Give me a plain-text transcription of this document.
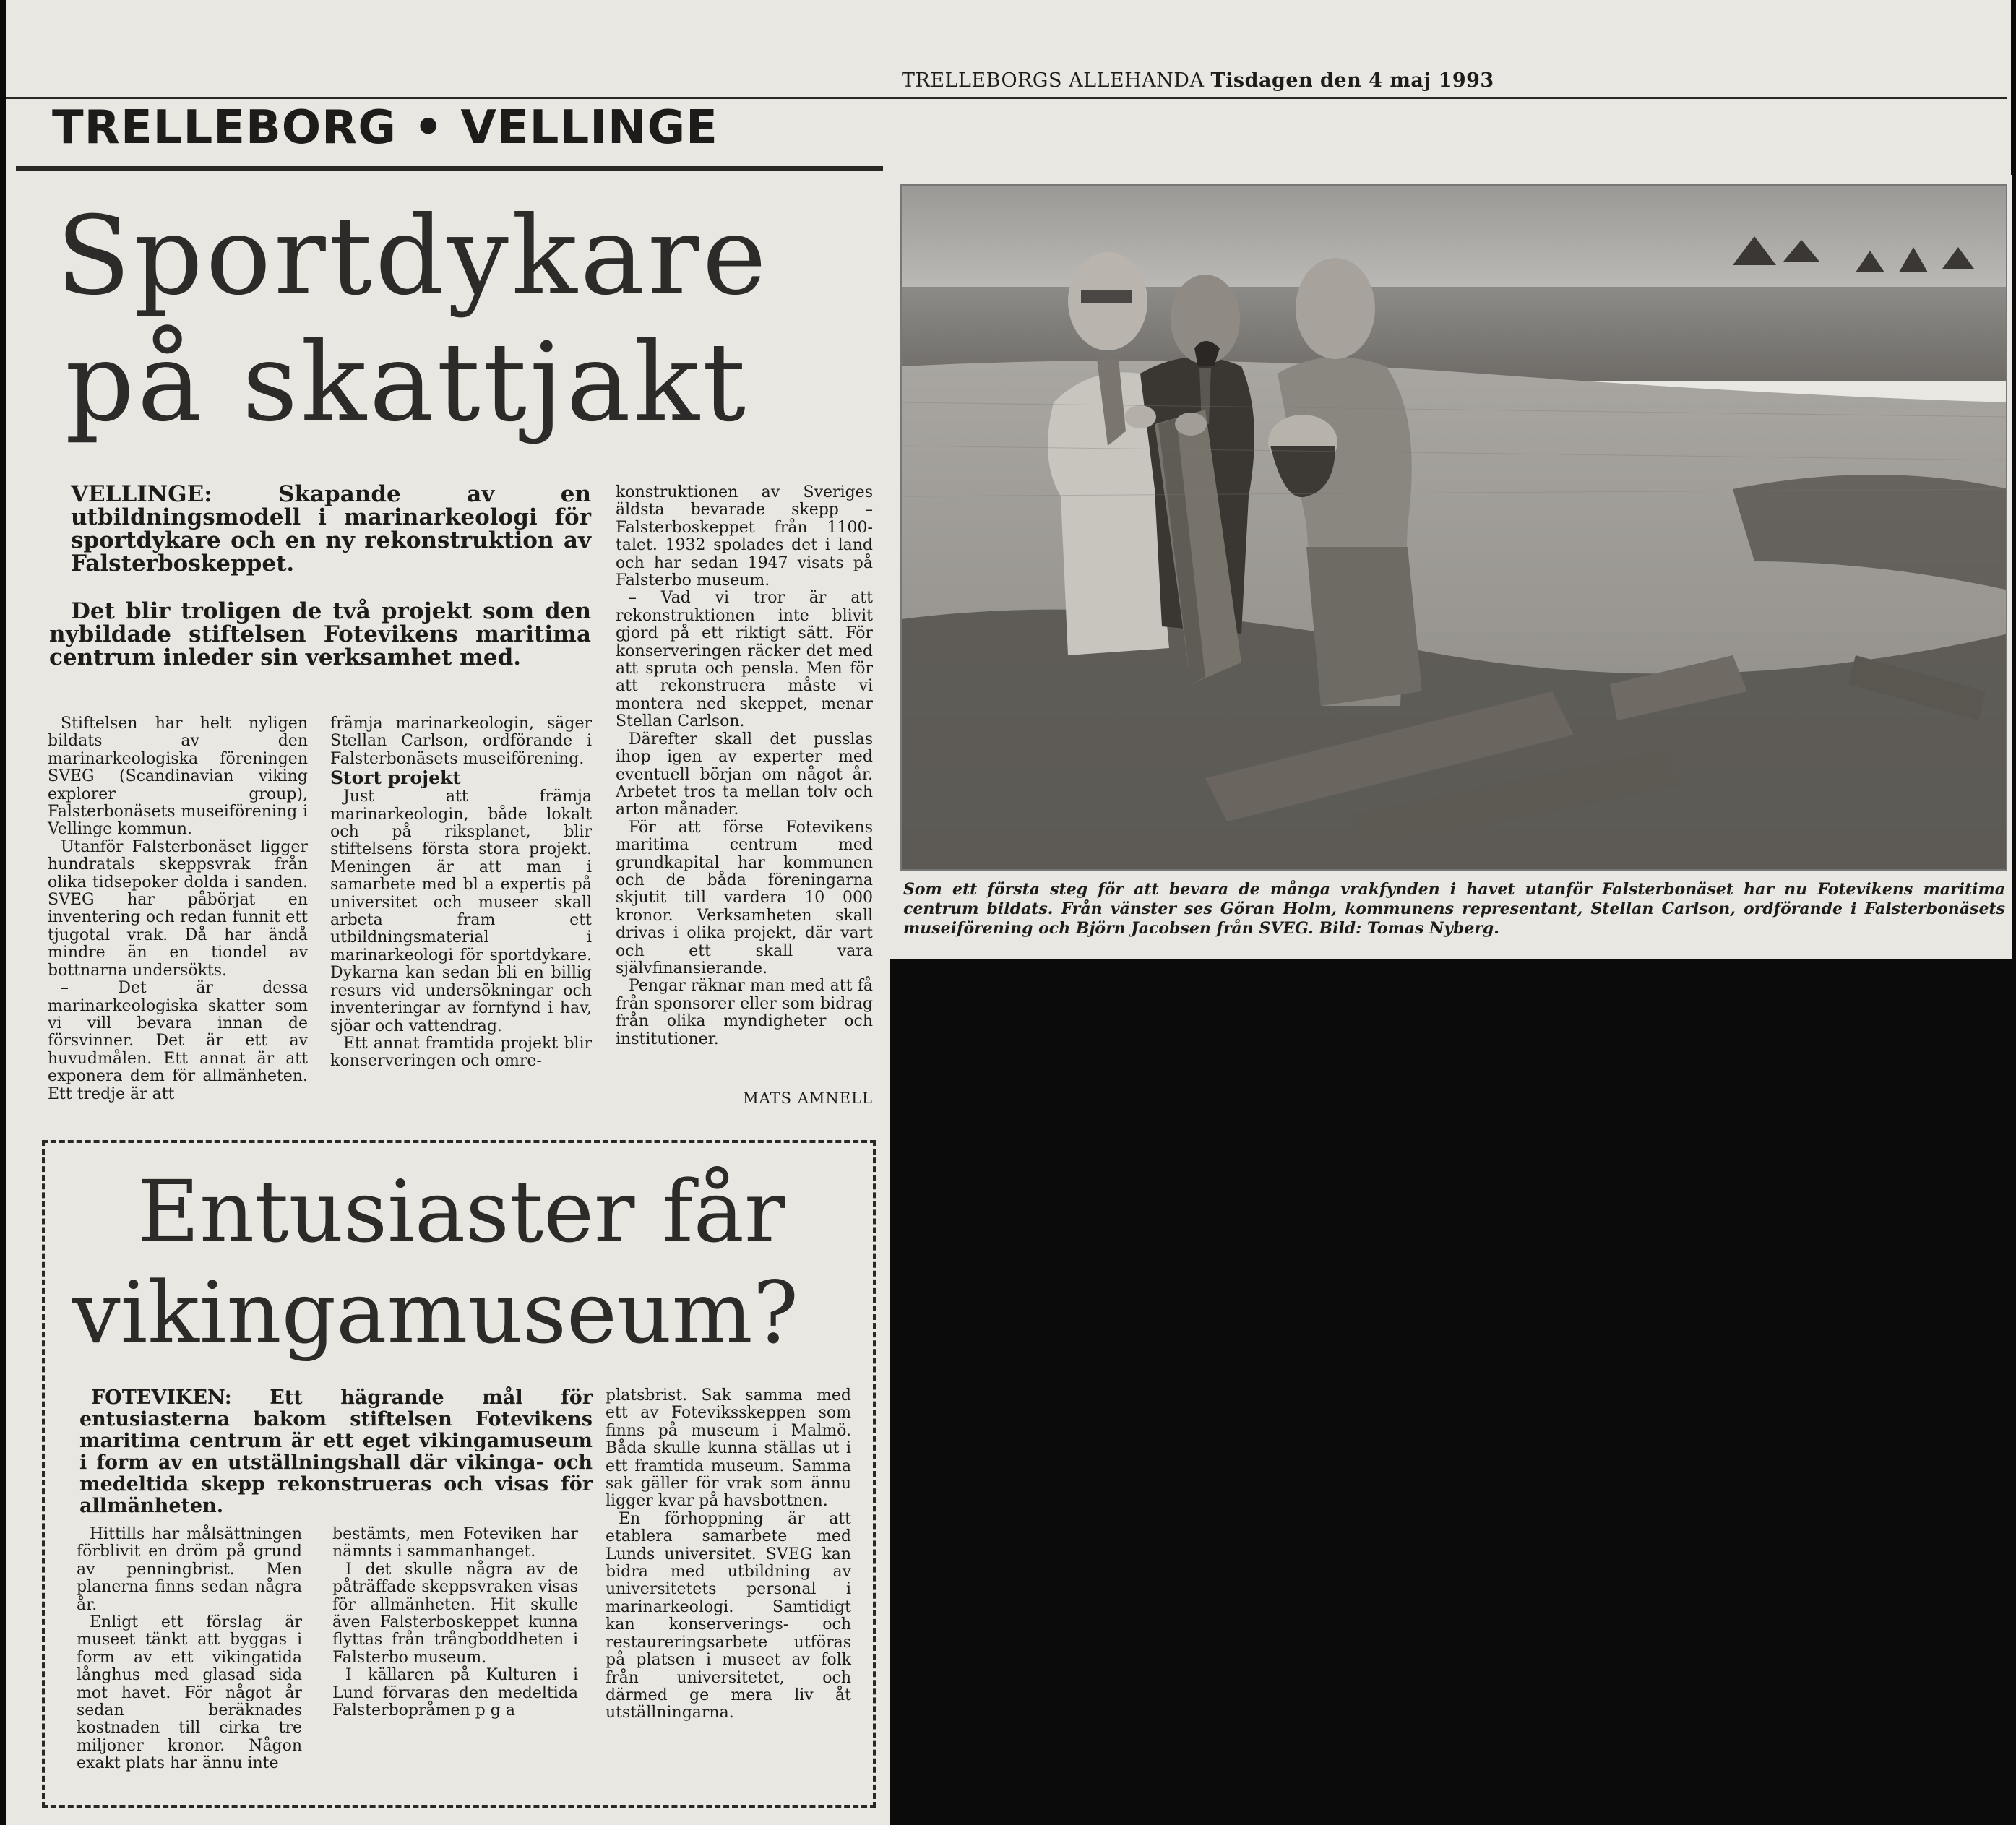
TRELLEBORGS ALLEHANDA Tisdagen den 4 maj 1993
TRELLEBORG • VELLINGE
Sportdykare
på skattjakt
VELLINGE: Skapande av en utbildningsmodell i marinarkeologi för sportdykare och en ny rekonstruktion av Falsterboskeppet.
Det blir troligen de två projekt som den nybildade stiftelsen Fotevikens maritima centrum inleder sin verksamhet med.

Stiftelsen har helt nyligen bildats av den marinarkeologiska föreningen SVEG (Scandinavian viking explorer group), Falsterbonäsets museiförening i Vellinge kommun.

Utanför Falsterbonäset ligger hundratals skeppsvrak från olika tidsepoker dolda i sanden. SVEG har påbörjat en inventering och redan funnit ett tjugotal vrak. Då har ändå mindre än en tiondel av bottnarna undersökts.

– Det är dessa marinarkeologiska skatter som vi vill bevara innan de försvinner. Det är ett av huvudmålen. Ett annat är att exponera dem för allmänheten. Ett tredje är att

främja marinarkeologin, säger Stellan Carlson, ordförande i Falsterbonäsets museiförening.

Stort projekt

Just att främja marinarkeologin, både lokalt och på riksplanet, blir stiftelsens första stora projekt. Meningen är att man i samarbete med bl a expertis på universitet och museer skall arbeta fram ett utbildningsmaterial i marinarkeologi för sportdykare. Dykarna kan sedan bli en billig resurs vid undersökningar och inventeringar av fornfynd i hav, sjöar och vattendrag.

Ett annat framtida projekt blir konserveringen och omre-

konstruktionen av Sveriges äldsta bevarade skepp – Falsterboskeppet från 1100-talet. 1932 spolades det i land och har sedan 1947 visats på Falsterbo museum.

– Vad vi tror är att rekonstruktionen inte blivit gjord på ett riktigt sätt. För konserveringen räcker det med att spruta och pensla. Men för att rekonstruera måste vi montera ned skeppet, menar Stellan Carlson.

Därefter skall det pusslas ihop igen av experter med eventuell början om något år. Arbetet tros ta mellan tolv och arton månader.

För att förse Fotevikens maritima centrum med grundkapital har kommunen och de båda föreningarna skjutit till vardera 10 000 kronor. Verksamheten skall drivas i olika projekt, där vart och ett skall vara självfinansierande.

Pengar räknar man med att få från sponsorer eller som bidrag från olika myndigheter och institutioner.

MATS AMNELL
Som ett första steg för att bevara de många vrakfynden i havet utanför Falsterbonäset har nu Fotevikens maritima centrum bildats. Från vänster ses Göran Holm, kommunens representant, Stellan Carlson, ordförande i Falsterbonäsets museiförening och Björn Jacobsen från SVEG. Bild: Tomas Nyberg.
Entusiaster får
vikingamuseum?
FOTEVIKEN: Ett hägrande mål för entusiasterna bakom stiftelsen Fotevikens maritima centrum är ett eget vikingamuseum i form av en utställningshall där vikinga- och medeltida skepp rekonstrueras och visas för allmänheten.

Hittills har målsättningen förblivit en dröm på grund av penningbrist. Men planerna finns sedan några år.

Enligt ett förslag är museet tänkt att byggas i form av ett vikingatida långhus med glasad sida mot havet. För något år sedan beräknades kostnaden till cirka tre miljoner kronor. Någon exakt plats har ännu inte

bestämts, men Foteviken har nämnts i sammanhanget.

I det skulle några av de påträffade skeppsvraken visas för allmänheten. Hit skulle även Falsterboskeppet kunna flyttas från trångboddheten i Falsterbo museum.

I källaren på Kulturen i Lund förvaras den medeltida Falsterbopråmen p g a

platsbrist. Sak samma med ett av Foteviksskeppen som finns på museum i Malmö. Båda skulle kunna ställas ut i ett framtida museum. Samma sak gäller för vrak som ännu ligger kvar på havsbottnen.

En förhoppning är att etablera samarbete med Lunds universitet. SVEG kan bidra med utbildning av universitetets personal i marinarkeologi. Samtidigt kan konserverings- och restaureringsarbete utföras på platsen i museet av folk från universitetet, och därmed ge mera liv åt utställningarna.
